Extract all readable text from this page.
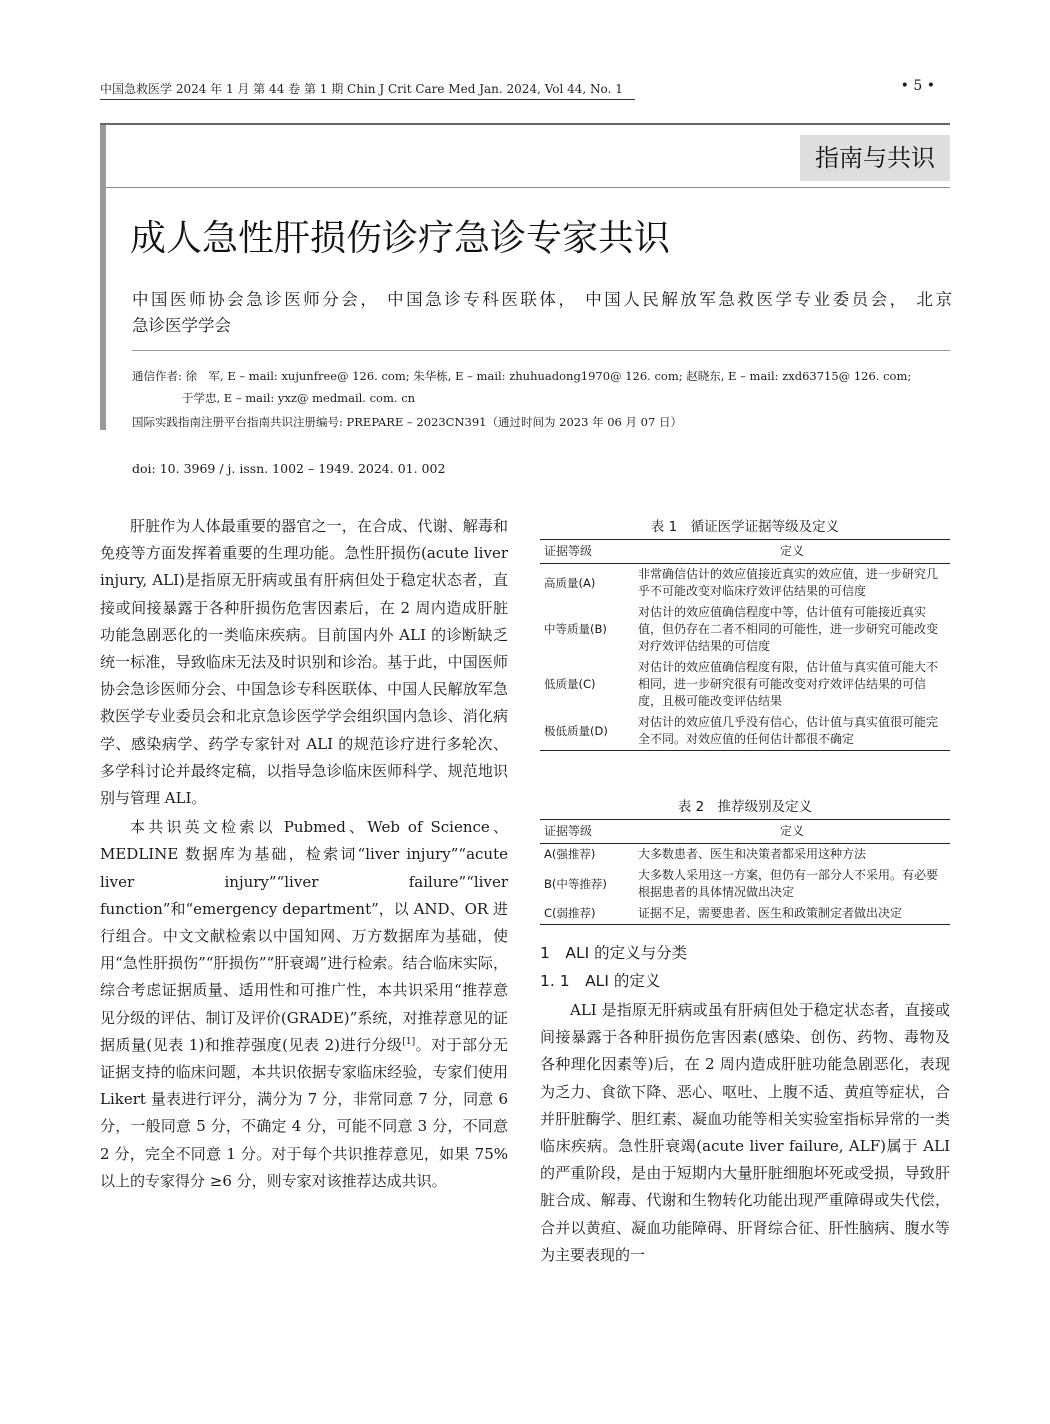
中国急救医学 2024 年 1 月 第 44 卷 第 1 期 Chin J Crit Care Med Jan. 2024, Vol 44, No. 1	• 5 •
指南与共识
成人急性肝损伤诊疗急诊专家共识
中国医师协会急诊医师分会， 中国急诊专科医联体， 中国人民解放军急救医学专业委员会， 北京
急诊医学学会
通信作者: 徐　军, E – mail: xujunfree@ 126. com; 朱华栋, E – mail: zhuhuadong1970@ 126. com; 赵晓东, E – mail: zxd63715@ 126. com;
于学忠, E – mail: yxz@ medmail. com. cn
国际实践指南注册平台指南共识注册编号: PREPARE – 2023CN391（通过时间为 2023 年 06 月 07 日）
doi: 10. 3969 / j. issn. 1002 – 1949. 2024. 01. 002

肝脏作为人体最重要的器官之一，在合成、代谢、解毒和免疫等方面发挥着重要的生理功能。急性肝损伤(acute liver injury, ALI)是指原无肝病或虽有肝病但处于稳定状态者，直接或间接暴露于各种肝损伤危害因素后，在 2 周内造成肝脏功能急剧恶化的一类临床疾病。目前国内外 ALI 的诊断缺乏统一标准，导致临床无法及时识别和诊治。基于此，中国医师协会急诊医师分会、中国急诊专科医联体、中国人民解放军急救医学专业委员会和北京急诊医学学会组织国内急诊、消化病学、感染病学、药学专家针对 ALI 的规范诊疗进行多轮次、多学科讨论并最终定稿，以指导急诊临床医师科学、规范地识别与管理 ALI。

本共识英文检索以 Pubmed、Web of Science、MEDLINE 数据库为基础，检索词“liver injury”“acute liver injury”“liver failure”“liver function”和“emergency department”，以 AND、OR 进行组合。中文文献检索以中国知网、万方数据库为基础，使用“急性肝损伤”“肝损伤”“肝衰竭”进行检索。结合临床实际，综合考虑证据质量、适用性和可推广性，本共识采用“推荐意见分级的评估、制订及评价(GRADE)”系统，对推荐意见的证据质量(见表 1)和推荐强度(见表 2)进行分级[1]。对于部分无证据支持的临床问题，本共识依据专家临床经验，专家们使用 Likert 量表进行评分，满分为 7 分，非常同意 7 分，同意 6 分，一般同意 5 分，不确定 4 分，可能不同意 3 分，不同意 2 分，完全不同意 1 分。对于每个共识推荐意见，如果 75% 以上的专家得分 ≥6 分，则专家对该推荐达成共识。

表 1　循证医学证据等级及定义
证据等级	定义
高质量(A)	非常确信估计的效应值接近真实的效应值，进一步研究几乎不可能改变对临床疗效评估结果的可信度
中等质量(B)	对估计的效应值确信程度中等，估计值有可能接近真实值，但仍存在二者不相同的可能性，进一步研究可能改变对疗效评估结果的可信度
低质量(C)	对估计的效应值确信程度有限，估计值与真实值可能大不相同，进一步研究很有可能改变对疗效评估结果的可信度，且极可能改变评估结果
极低质量(D)	对估计的效应值几乎没有信心，估计值与真实值很可能完全不同。对效应值的任何估计都很不确定
表 2　推荐级别及定义
证据等级	定义
A(强推荐)	大多数患者、医生和决策者都采用这种方法
B(中等推荐)	大多数人采用这一方案，但仍有一部分人不采用。有必要根据患者的具体情况做出决定
C(弱推荐)	证据不足，需要患者、医生和政策制定者做出决定
1　ALI 的定义与分类
1. 1　ALI 的定义

ALI 是指原无肝病或虽有肝病但处于稳定状态者，直接或间接暴露于各种肝损伤危害因素(感染、创伤、药物、毒物及各种理化因素等)后，在 2 周内造成肝脏功能急剧恶化，表现为乏力、食欲下降、恶心、呕吐、上腹不适、黄疸等症状，合并肝脏酶学、胆红素、凝血功能等相关实验室指标异常的一类临床疾病。急性肝衰竭(acute liver failure, ALF)属于 ALI 的严重阶段，是由于短期内大量肝脏细胞坏死或受损，导致肝脏合成、解毒、代谢和生物转化功能出现严重障碍或失代偿，合并以黄疸、凝血功能障碍、肝肾综合征、肝性脑病、腹水等为主要表现的一
